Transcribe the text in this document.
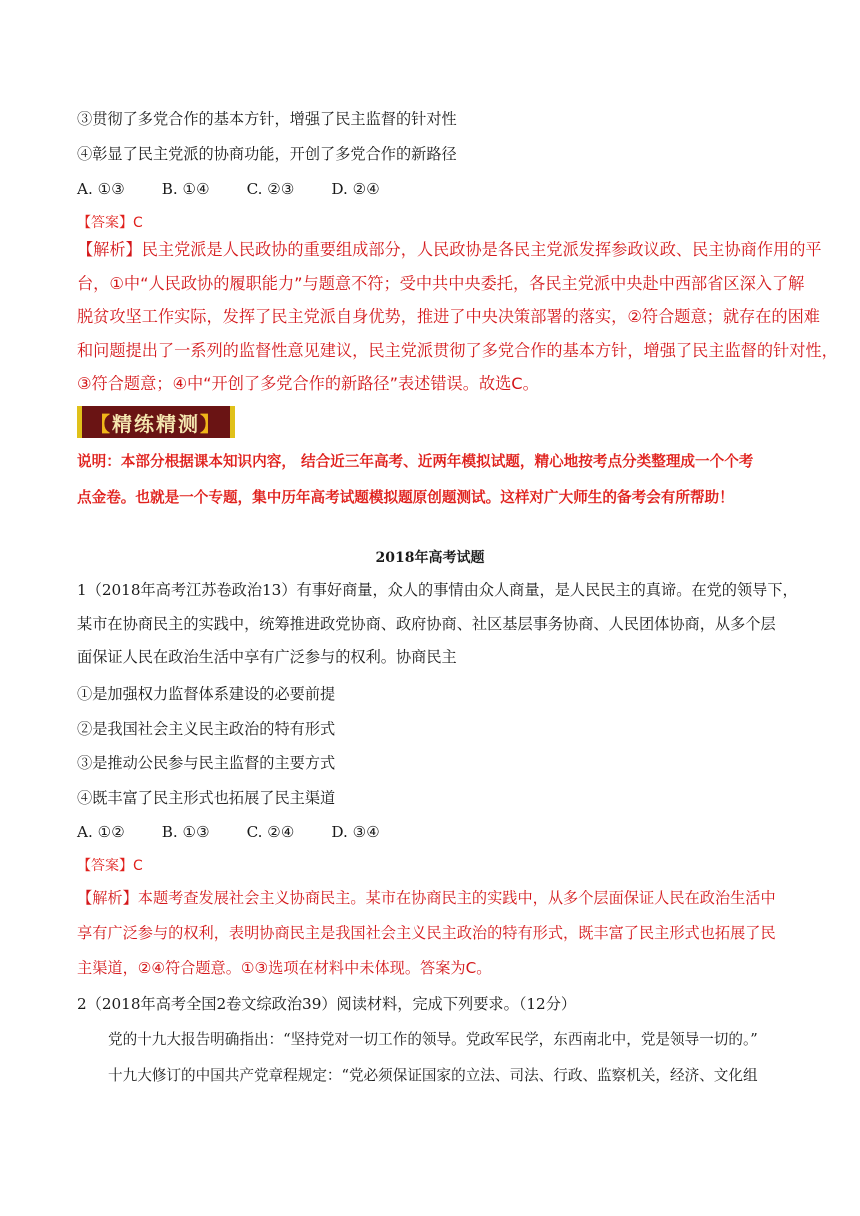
③贯彻了多党合作的基本方针，增强了民主监督的针对性
④彰显了民主党派的协商功能，开创了多党合作的新路径
A. ①③ B. ①④ C. ②③ D. ②④
【答案】C
【解析】民主党派是人民政协的重要组成部分，人民政协是各民主党派发挥参政议政、民主协商作用的平
台，①中“人民政协的履职能力”与题意不符；受中共中央委托，各民主党派中央赴中西部省区深入了解
脱贫攻坚工作实际，发挥了民主党派自身优势，推进了中央决策部署的落实，②符合题意；就存在的困难
和问题提出了一系列的监督性意见建议，民主党派贯彻了多党合作的基本方针，增强了民主监督的针对性，
③符合题意；④中“开创了多党合作的新路径”表述错误。故选C。
【 精练精测 】
说明：本部分根据课本知识内容， 结合近三年高考、近两年模拟试题，精心地按考点分类整理成一个个考
点金卷。也就是一个专题，集中历年高考试题模拟题原创题测试。这样对广大师生的备考会有所帮助！
2018年高考试题
1（2018年高考江苏卷政治13）有事好商量，众人的事情由众人商量，是人民民主的真谛。在党的领导下，
某市在协商民主的实践中，统筹推进政党协商、政府协商、社区基层事务协商、人民团体协商，从多个层
面保证人民在政治生活中享有广泛参与的权利。协商民主
①是加强权力监督体系建设的必要前提
②是我国社会主义民主政治的特有形式
③是推动公民参与民主监督的主要方式
④既丰富了民主形式也拓展了民主渠道
A. ①② B. ①③ C. ②④ D. ③④
【答案】C
【解析】本题考查发展社会主义协商民主。某市在协商民主的实践中，从多个层面保证人民在政治生活中
享有广泛参与的权利，表明协商民主是我国社会主义民主政治的特有形式，既丰富了民主形式也拓展了民
主渠道，②④符合题意。①③选项在材料中未体现。答案为C。
2（2018年高考全国2卷文综政治39）阅读材料，完成下列要求。（12分）
党的十九大报告明确指出：“坚持党对一切工作的领导。党政军民学，东西南北中，党是领导一切的。”
十九大修订的中国共产党章程规定：“党必须保证国家的立法、司法、行政、监察机关，经济、文化组
